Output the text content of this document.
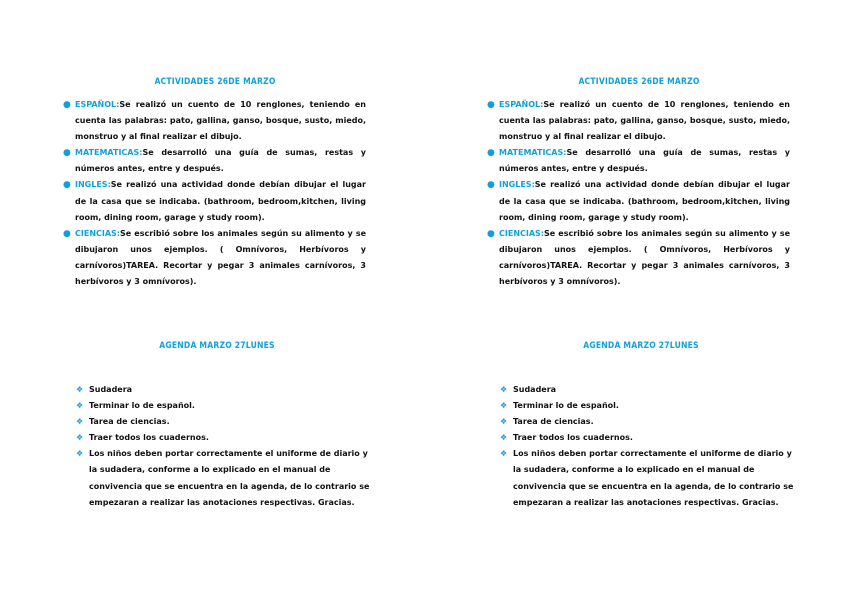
ACTIVIDADES 26DE MARZO
● ESPAÑOL:Se realizó un cuento de 10 renglones, teniendo en cuenta las palabras: pato, gallina, ganso, bosque, susto, miedo, monstruo y al final realizar el dibujo.
● MATEMATICAS:Se desarrolló una guía de sumas, restas y números antes, entre y después.
● INGLES:Se realizó una actividad donde debían dibujar el lugar de la casa que se indicaba. (bathroom, bedroom,kitchen, living room, dining room, garage y study room).
● CIENCIAS:Se escribió sobre los animales según su alimento y se dibujaron unos ejemplos. ( Omnívoros, Herbívoros y carnívoros)TAREA. Recortar y pegar 3 animales carnívoros, 3 herbívoros y 3 omnívoros).
AGENDA MARZO 27LUNES
❖ Sudadera
❖ Terminar lo de español.
❖ Tarea de ciencias.
❖ Traer todos los cuadernos.
❖ Los niños deben portar correctamente el uniforme de diario y la sudadera, conforme a lo explicado en el manual de convivencia que se encuentra en la agenda, de lo contrario se empezaran a realizar las anotaciones respectivas. Gracias.
ACTIVIDADES 26DE MARZO
● ESPAÑOL:Se realizó un cuento de 10 renglones, teniendo en cuenta las palabras: pato, gallina, ganso, bosque, susto, miedo, monstruo y al final realizar el dibujo.
● MATEMATICAS:Se desarrolló una guía de sumas, restas y números antes, entre y después.
● INGLES:Se realizó una actividad donde debían dibujar el lugar de la casa que se indicaba. (bathroom, bedroom,kitchen, living room, dining room, garage y study room).
● CIENCIAS:Se escribió sobre los animales según su alimento y se dibujaron unos ejemplos. ( Omnívoros, Herbívoros y carnívoros)TAREA. Recortar y pegar 3 animales carnívoros, 3 herbívoros y 3 omnívoros).
AGENDA MARZO 27LUNES
❖ Sudadera
❖ Terminar lo de español.
❖ Tarea de ciencias.
❖ Traer todos los cuadernos.
❖ Los niños deben portar correctamente el uniforme de diario y la sudadera, conforme a lo explicado en el manual de convivencia que se encuentra en la agenda, de lo contrario se empezaran a realizar las anotaciones respectivas. Gracias.
